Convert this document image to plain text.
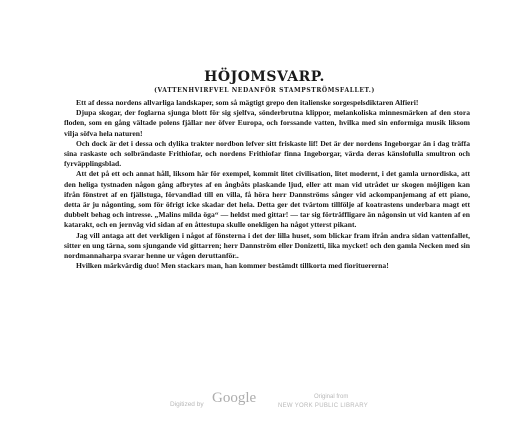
HÖJOMSVARP.
(VATTENHVIRFVEL NEDANFÖR STAMPSTRÖMSFALLET.)

Ett af dessa nordens allvarliga landskaper, som så mägtigt grepo den italienske sorgespelsdiktaren Alfieri!

Djupa skogar, der foglarna sjunga blott för sig sjelfva, sönderbrutna klippor, melankoliska minnesmärken af den stora floden, som en gång vältade polens fjällar ner öfver Europa, och forssande vatten, hvilka med sin enformiga musik liksom vilja söfva hela naturen!

Och dock är det i dessa och dylika trakter nordbon lefver sitt friskaste lif! Det är der nordens Ingeborgar än i dag träffa sina raskaste och solbrändaste Frithiofar, och nordens Frithiofar finna Ingeborgar, värda deras känslofulla smultron och fyrväpplingsblad.

Att det på ett och annat håll, liksom här för exempel, kommit litet civilisation, litet modernt, i det gamla urnordiska, att den heliga tystnaden någon gång afbrytes af en ångbåts plaskande ljud, eller att man vid utrådet ur skogen möjligen kan ifrån fönstret af en fjällstuga, förvandlad till en villa, få höra herr Dannströms sånger vid ackompanjemang af ett piano, detta är ju någonting, som för öfrigt icke skadar det hela. Detta ger det tvärtom tillfölje af koatrastens underbara magt ett dubbelt behag och intresse. „Malins milda öga“ — heldst med gittar! — tar sig förträffligare än någonsin ut vid kanten af en katarakt, och en jernväg vid sidan af en åttestupa skulle onekligen ha något ytterst pikant.

Jag vill antaga att det verkligen i något af fönsterna i det der lilla huset, som blickar fram ifrån andra sidan vattenfallet, sitter en ung tärna, som sjungande vid gittarren; herr Dannström eller Donizetti, lika mycket! och den gamla Necken med sin nordmannaharpa svarar henne ur vågen deruttanför..

Hvilken märkvärdig duo! Men stackars man, han kommer bestämdt tillkorta med fiorituererna!

Digitized by Google	Original from
NEW YORK PUBLIC LIBRARY
